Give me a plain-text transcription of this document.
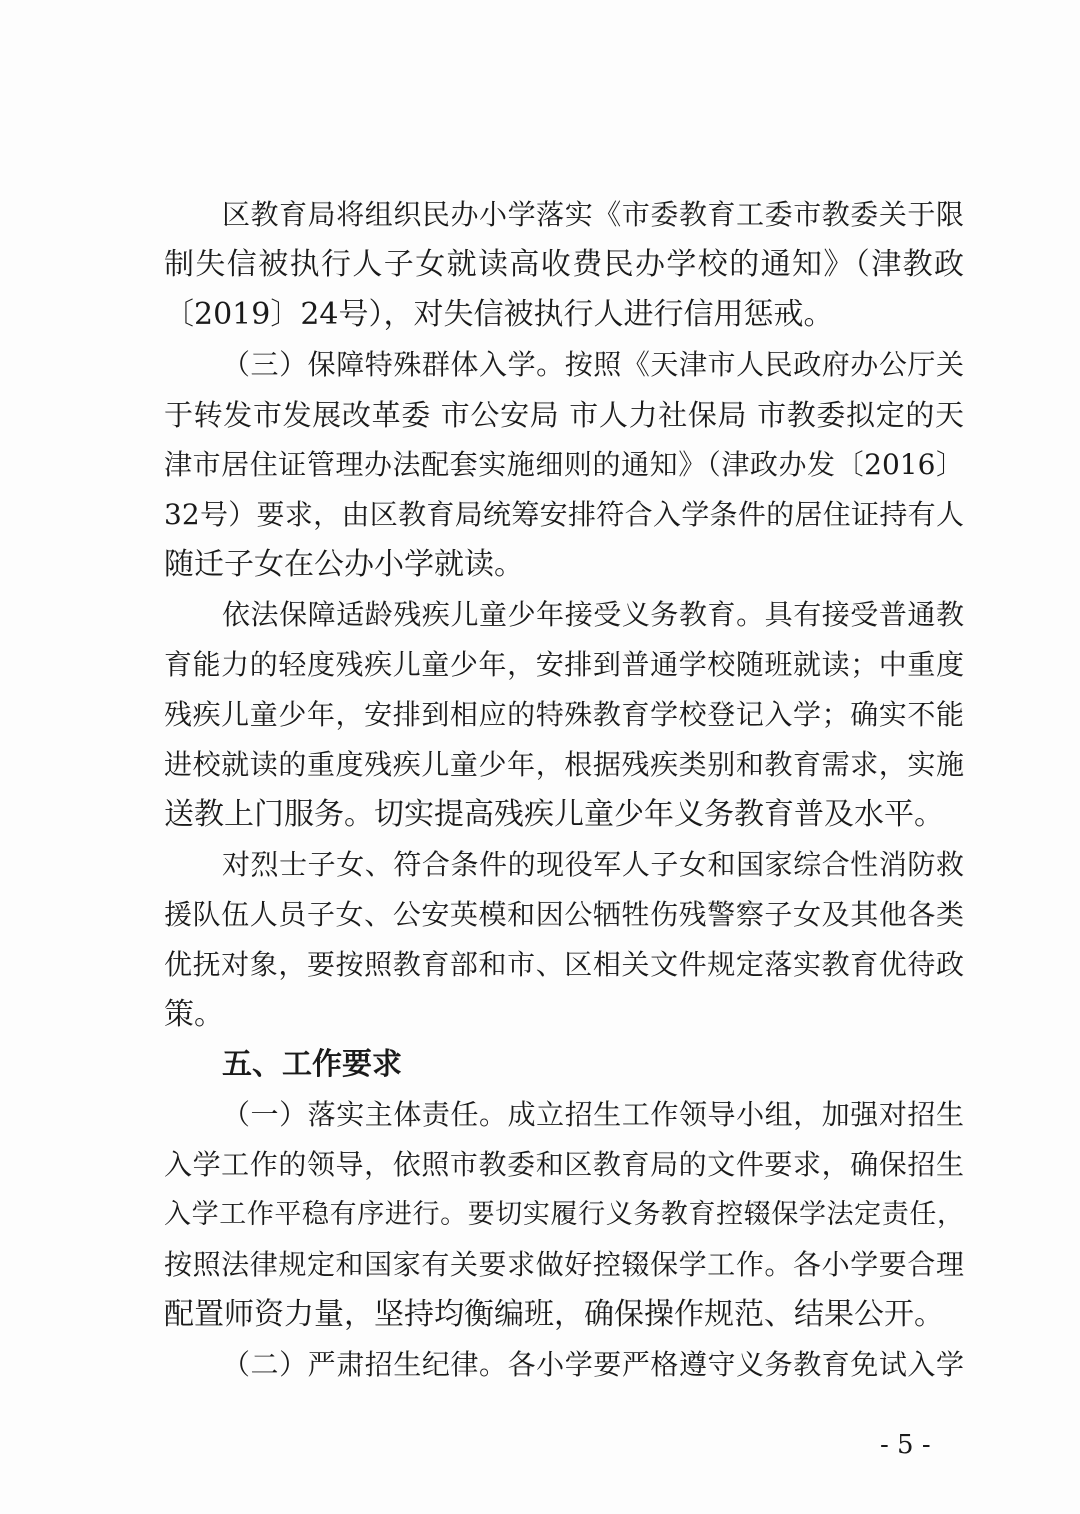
区教育局将组织民办小学落实《市委教育工委市教委关于限
制失信被执行人子女就读高收费民办学校的通知》（津教政
〔2019〕24号），对失信被执行人进行信用惩戒。
（三）保障特殊群体入学。按照《天津市人民政府办公厅关
于转发市发展改革委 市公安局 市人力社保局 市教委拟定的天
津市居住证管理办法配套实施细则的通知》（津政办发〔2016〕
32号）要求，由区教育局统筹安排符合入学条件的居住证持有人
随迁子女在公办小学就读。
依法保障适龄残疾儿童少年接受义务教育。具有接受普通教
育能力的轻度残疾儿童少年，安排到普通学校随班就读；中重度
残疾儿童少年，安排到相应的特殊教育学校登记入学；确实不能
进校就读的重度残疾儿童少年，根据残疾类别和教育需求，实施
送教上门服务。切实提高残疾儿童少年义务教育普及水平。
对烈士子女、符合条件的现役军人子女和国家综合性消防救
援队伍人员子女、公安英模和因公牺牲伤残警察子女及其他各类
优抚对象，要按照教育部和市、区相关文件规定落实教育优待政
策。
五、工作要求
（一）落实主体责任。成立招生工作领导小组，加强对招生
入学工作的领导，依照市教委和区教育局的文件要求，确保招生
入学工作平稳有序进行。要切实履行义务教育控辍保学法定责任，
按照法律规定和国家有关要求做好控辍保学工作。各小学要合理
配置师资力量，坚持均衡编班，确保操作规范、结果公开。
（二）严肃招生纪律。各小学要严格遵守义务教育免试入学
- 5 -
